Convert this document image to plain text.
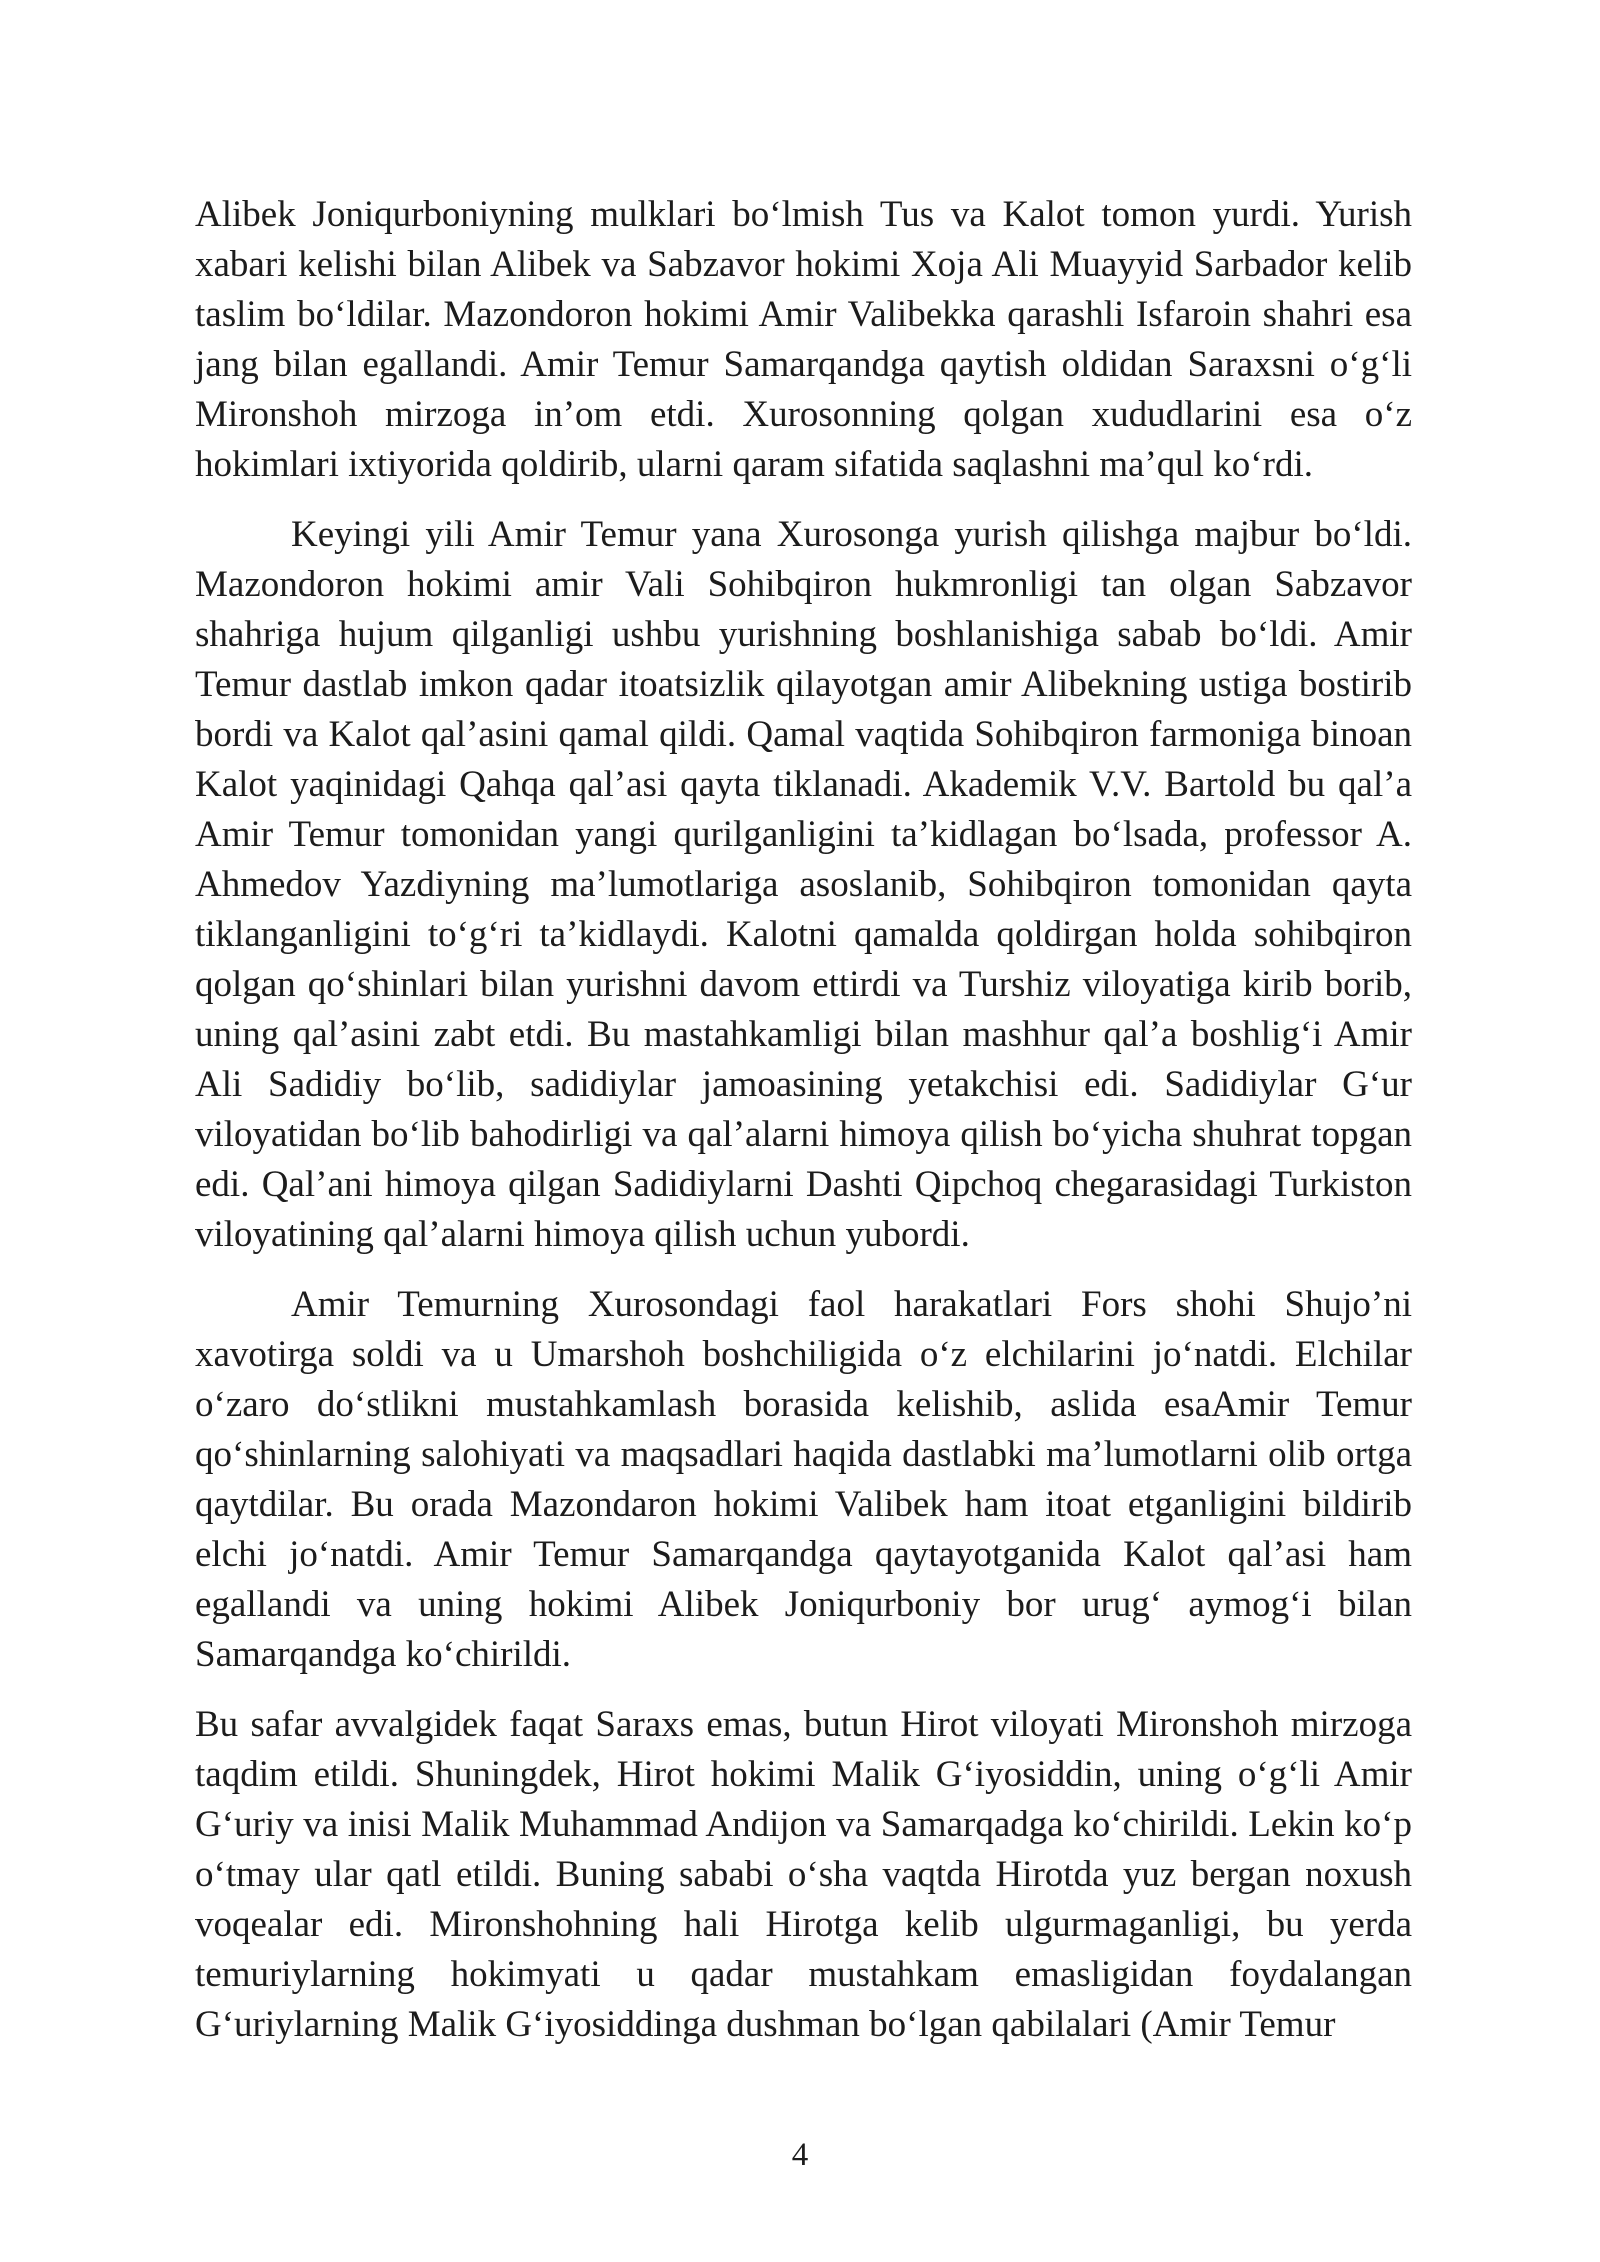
Alibek Joniqurboniyning mulklari bo‘lmish Tus va Kalot tomon yurdi. Yurish xabari kelishi bilan Alibek va Sabzavor hokimi Xoja Ali Muayyid Sarbador kelib taslim bo‘ldilar. Mazondoron hokimi Amir Valibekka qarashli Isfaroin shahri esa jang bilan egallandi. Amir Temur Samarqandga qaytish oldidan Saraxsni o‘g‘li Mironshoh mirzoga in’om etdi. Xurosonning qolgan xududlarini esa o‘z hokimlari ixtiyorida qoldirib, ularni qaram sifatida saqlashni ma’qul ko‘rdi.

Keyingi yili Amir Temur yana Xurosonga yurish qilishga majbur bo‘ldi. Mazondoron hokimi amir Vali Sohibqiron hukmronligi tan olgan Sabzavor shahriga hujum qilganligi ushbu yurishning boshlanishiga sabab bo‘ldi. Amir Temur dastlab imkon qadar itoatsizlik qilayotgan amir Alibekning ustiga bostirib bordi va Kalot qal’asini qamal qildi. Qamal vaqtida Sohibqiron farmoniga binoan Kalot yaqinidagi Qahqa qal’asi qayta tiklanadi. Akademik V.V. Bartold bu qal’a Amir Temur tomonidan yangi qurilganligini ta’kidlagan bo‘lsada, professor A. Ahmedov Yazdiyning ma’lumotlariga asoslanib, Sohibqiron tomonidan qayta tiklanganligini to‘g‘ri ta’kidlaydi. Kalotni qamalda qoldirgan holda sohibqiron qolgan qo‘shinlari bilan yurishni davom ettirdi va Turshiz viloyatiga kirib borib, uning qal’asini zabt etdi. Bu mastahkamligi bilan mashhur qal’a boshlig‘i Amir Ali Sadidiy bo‘lib, sadidiylar jamoasining yetakchisi edi. Sadidiylar G‘ur viloyatidan bo‘lib bahodirligi va qal’alarni himoya qilish bo‘yicha shuhrat topgan edi. Qal’ani himoya qilgan Sadidiylarni Dashti Qipchoq chegarasidagi Turkiston viloyatining qal’alarni himoya qilish uchun yubordi.

Amir Temurning Xurosondagi faol harakatlari Fors shohi Shujo’ni xavotirga soldi va u Umarshoh boshchiligida o‘z elchilarini jo‘natdi. Elchilar o‘zaro do‘stlikni mustahkamlash borasida kelishib, aslida esaAmir Temur qo‘shinlarning salohiyati va maqsadlari haqida dastlabki ma’lumotlarni olib ortga qaytdilar. Bu orada Mazondaron hokimi Valibek ham itoat etganligini bildirib elchi jo‘natdi. Amir Temur Samarqandga qaytayotganida Kalot qal’asi ham egallandi va uning hokimi Alibek Joniqurboniy bor urug‘ aymog‘i bilan Samarqandga ko‘chirildi.

Bu safar avvalgidek faqat Saraxs emas, butun Hirot viloyati Mironshoh mirzoga taqdim etildi. Shuningdek, Hirot hokimi Malik G‘iyosiddin, uning o‘g‘li Amir G‘uriy va inisi Malik Muhammad Andijon va Samarqadga ko‘chirildi. Lekin ko‘p o‘tmay ular qatl etildi. Buning sababi o‘sha vaqtda Hirotda yuz bergan noxush voqealar edi. Mironshohning hali Hirotga kelib ulgurmaganligi, bu yerda temuriylarning hokimyati u qadar mustahkam emasligidan foydalangan G‘uriylarning Malik G‘iyosiddinga dushman bo‘lgan qabilalari (Amir Temur

4
